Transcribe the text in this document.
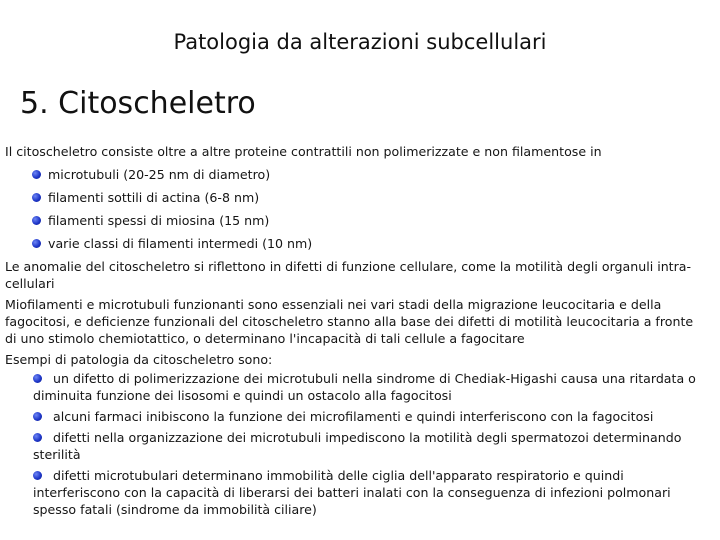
Patologia da alterazioni subcellulari
5. Citoscheletro

Il citoscheletro consiste oltre a altre proteine contrattili non polimerizzate e non filamentose in

microtubuli (20-25 nm di diametro)
filamenti sottili di actina (6-8 nm)
filamenti spessi di miosina (15 nm)
varie classi di filamenti intermedi (10 nm)

Le anomalie del citoscheletro si riflettono in difetti di funzione cellulare, come la motilità degli organuli intra-cellulari

Miofilamenti e microtubuli funzionanti sono essenziali nei vari stadi della migrazione leucocitaria e della fagocitosi, e deficienze funzionali del citoscheletro stanno alla base dei difetti di motilità leucocitaria a fronte di uno stimolo chemiotattico, o determinano l'incapacità di tali cellule a fagocitare

Esempi di patologia da citoscheletro sono:

un difetto di polimerizzazione dei microtubuli nella sindrome di Chediak-Higashi causa una ritardata o diminuita funzione dei lisosomi e quindi un ostacolo alla fagocitosi
alcuni farmaci inibiscono la funzione dei microfilamenti e quindi interferiscono con la fagocitosi
difetti nella organizzazione dei microtubuli impediscono la motilità degli spermatozoi determinando sterilità
difetti microtubulari determinano immobilità delle ciglia dell'apparato respiratorio e quindi interferiscono con la capacità di liberarsi dei batteri inalati con la conseguenza di infezioni polmonari spesso fatali (sindrome da immobilità ciliare)
